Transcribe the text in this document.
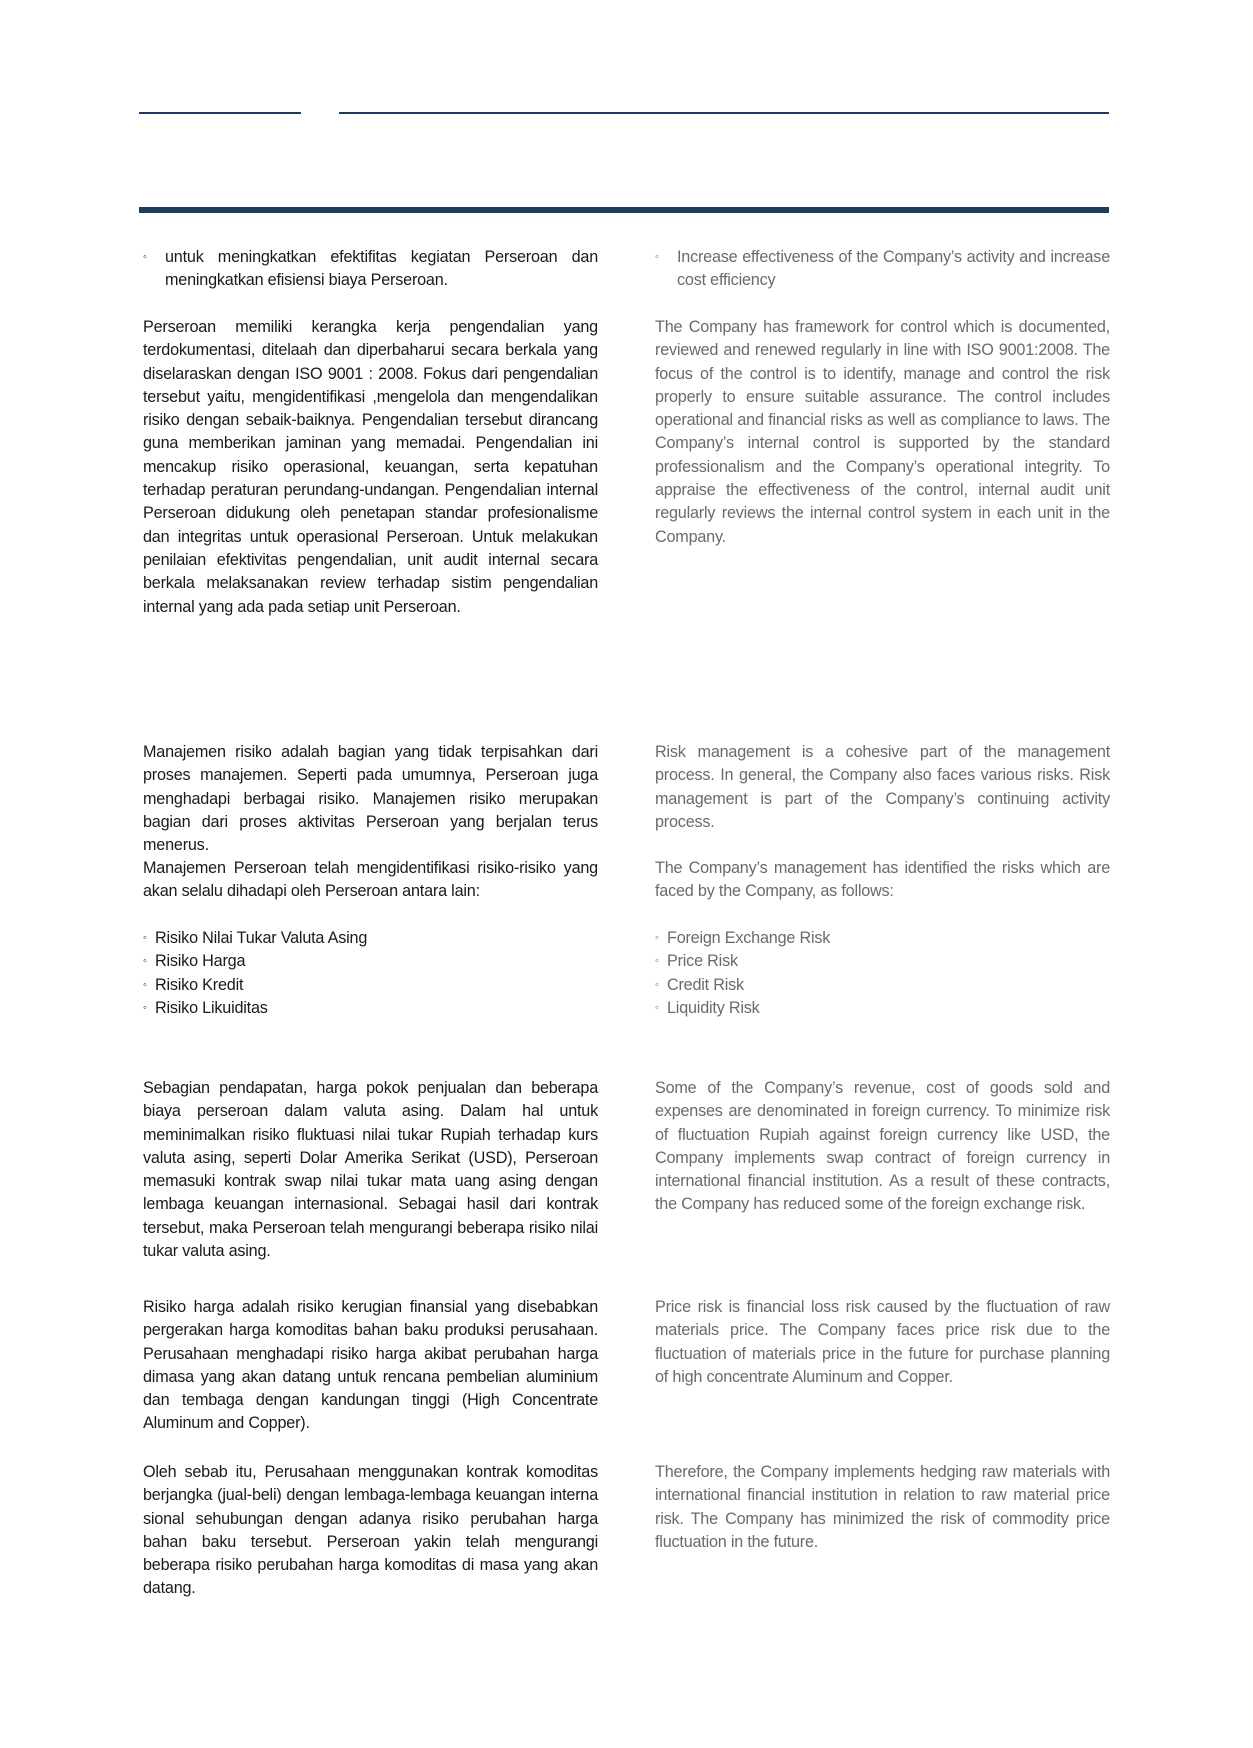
◦ untuk meningkatkan efektifitas kegiatan Perseroan dan meningkatkan efisiensi biaya Perseroan.

Perseroan memiliki kerangka kerja pengendalian yang terdokumentasi, ditelaah dan diperbaharui secara berkala yang diselaraskan dengan ISO 9001 : 2008. Fokus dari pengendalian tersebut yaitu, mengidentifikasi ,mengelola dan mengendalikan risiko dengan sebaik-baiknya. Pengendalian tersebut dirancang guna memberikan jaminan yang memadai. Pengendalian ini mencakup risiko operasional, keuangan, serta kepatuhan terhadap peraturan perundang-undangan. Pengendalian internal Perseroan didukung oleh penetapan standar profesionalisme dan integritas untuk operasional Perseroan. Untuk melakukan penilaian efektivitas pengendalian, unit audit internal secara berkala melaksanakan review terhadap sistim pengendalian internal yang ada pada setiap unit Perseroan.

Manajemen risiko adalah bagian yang tidak terpisahkan dari proses manajemen. Seperti pada umumnya, Perseroan juga menghadapi berbagai risiko. Manajemen risiko merupakan bagian dari proses aktivitas Perseroan yang berjalan terus menerus.

Manajemen Perseroan telah mengidentifikasi risiko-risiko yang akan selalu dihadapi oleh Perseroan antara lain:

◦ Risiko Nilai Tukar Valuta Asing
◦ Risiko Harga
◦ Risiko Kredit
◦ Risiko Likuiditas

Sebagian pendapatan, harga pokok penjualan dan beberapa biaya perseroan dalam valuta asing. Dalam hal untuk meminimalkan risiko fluktuasi nilai tukar Rupiah terhadap kurs valuta asing, seperti Dolar Amerika Serikat (USD), Perseroan memasuki kontrak swap nilai tukar mata uang asing dengan lembaga keuangan internasional. Sebagai hasil dari kontrak tersebut, maka Perseroan telah mengurangi beberapa risiko nilai tukar valuta asing.

Risiko harga adalah risiko kerugian finansial yang disebabkan pergerakan harga komoditas bahan baku produksi perusahaan. Perusahaan menghadapi risiko harga akibat perubahan harga dimasa yang akan datang untuk rencana pembelian aluminium dan tembaga dengan kandungan tinggi (High Concentrate Aluminum and Copper).

Oleh sebab itu, Perusahaan menggunakan kontrak komoditas berjangka (jual-beli) dengan lembaga-lembaga keuangan interna sional sehubungan dengan adanya risiko perubahan harga bahan baku tersebut. Perseroan yakin telah mengurangi beberapa risiko perubahan harga komoditas di masa yang akan datang.

◦ Increase effectiveness of the Company’s activity and increase cost efficiency

The Company has framework for control which is documented, reviewed and renewed regularly in line with ISO 9001:2008. The focus of the control is to identify, manage and control the risk properly to ensure suitable assurance. The control includes operational and financial risks as well as compliance to laws. The Company’s internal control is supported by the standard professionalism and the Company’s operational integrity. To appraise the effectiveness of the control, internal audit unit regularly reviews the internal control system in each unit in the Company.

Risk management is a cohesive part of the management process. In general, the Company also faces various risks. Risk management is part of the Company’s continuing activity process.

The Company’s management has identified the risks which are faced by the Company, as follows:

◦ Foreign Exchange Risk
◦ Price Risk
◦ Credit Risk
◦ Liquidity Risk

Some of the Company’s revenue, cost of goods sold and expenses are denominated in foreign currency. To minimize risk of fluctuation Rupiah against foreign currency like USD, the Company implements swap contract of foreign currency in international financial institution. As a result of these contracts, the Company has reduced some of the foreign exchange risk.

Price risk is financial loss risk caused by the fluctuation of raw materials price. The Company faces price risk due to the fluctuation of materials price in the future for purchase planning of high concentrate Aluminum and Copper.

Therefore, the Company implements hedging raw materials with international financial institution in relation to raw material price risk. The Company has minimized the risk of commodity price fluctuation in the future.
